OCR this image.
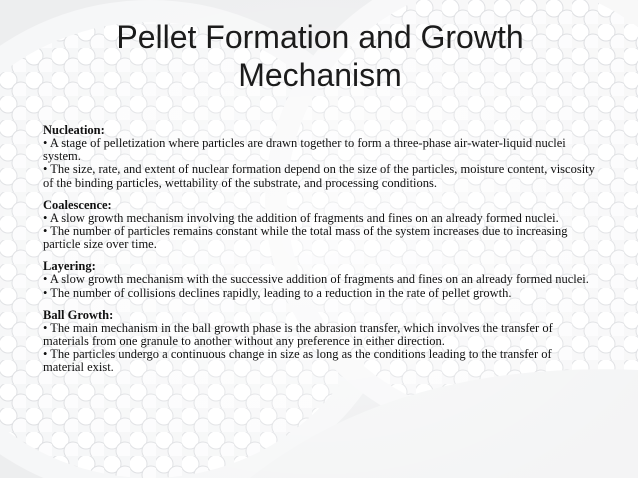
Pellet Formation and Growth Mechanism
Nucleation:
• A stage of pelletization where particles are drawn together to form a three-phase air-water-liquid nuclei system.
• The size, rate, and extent of nuclear formation depend on the size of the particles, moisture content, viscosity of the binding particles, wettability of the substrate, and processing conditions.
Coalescence:
• A slow growth mechanism involving the addition of fragments and fines on an already formed nuclei.
• The number of particles remains constant while the total mass of the system increases due to increasing particle size over time.
Layering:
• A slow growth mechanism with the successive addition of fragments and fines on an already formed nuclei.
• The number of collisions declines rapidly, leading to a reduction in the rate of pellet growth.
Ball Growth:
• The main mechanism in the ball growth phase is the abrasion transfer, which involves the transfer of materials from one granule to another without any preference in either direction.
• The particles undergo a continuous change in size as long as the conditions leading to the transfer of material exist.
